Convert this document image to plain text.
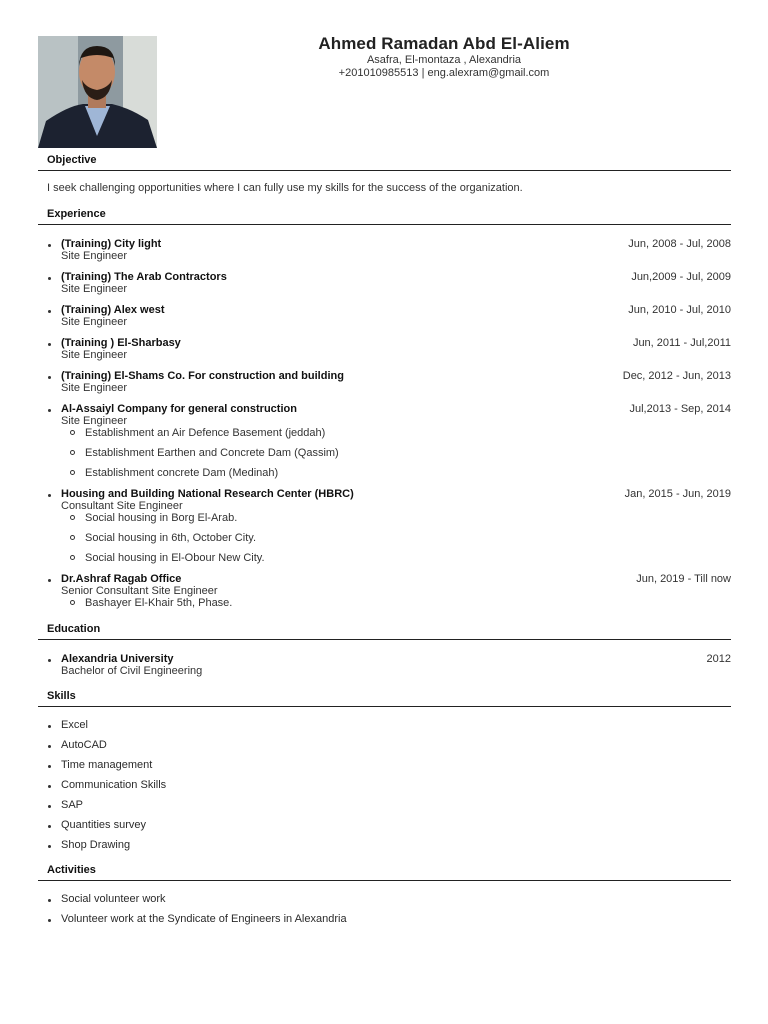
Ahmed Ramadan Abd El-Aliem
Asafra, El-montaza , Alexandria
+201010985513 | eng.alexram@gmail.com
Objective
I seek challenging opportunities where I can fully use my skills for the success of the organization.
Experience
(Training) City light	Jun, 2008 - Jul, 2008
Site Engineer
(Training) The Arab Contractors	Jun,2009 - Jul, 2009
Site Engineer
(Training) Alex west	Jun, 2010 - Jul, 2010
Site Engineer
(Training ) El-Sharbasy	Jun, 2011 - Jul,2011
Site Engineer
(Training) El-Shams Co. For construction and building	Dec, 2012 - Jun, 2013
Site Engineer
Al-Assaiyl Company for general construction	Jul,2013 - Sep, 2014
Site Engineer
Establishment an Air Defence Basement (jeddah)
Establishment Earthen and Concrete Dam (Qassim)
Establishment concrete Dam (Medinah)
Housing and Building National Research Center (HBRC)	Jan, 2015 - Jun, 2019
Consultant Site Engineer
Social housing in Borg El-Arab.
Social housing in 6th, October City.
Social housing in El-Obour New City.
Dr.Ashraf Ragab Office	Jun, 2019 - Till now
Senior Consultant Site Engineer
Bashayer El-Khair 5th, Phase.
Education
Alexandria University	2012
Bachelor of Civil Engineering
Skills
Excel
AutoCAD
Time management
Communication Skills
SAP
Quantities survey
Shop Drawing
Activities
Social volunteer work
Volunteer work at the Syndicate of Engineers in Alexandria
